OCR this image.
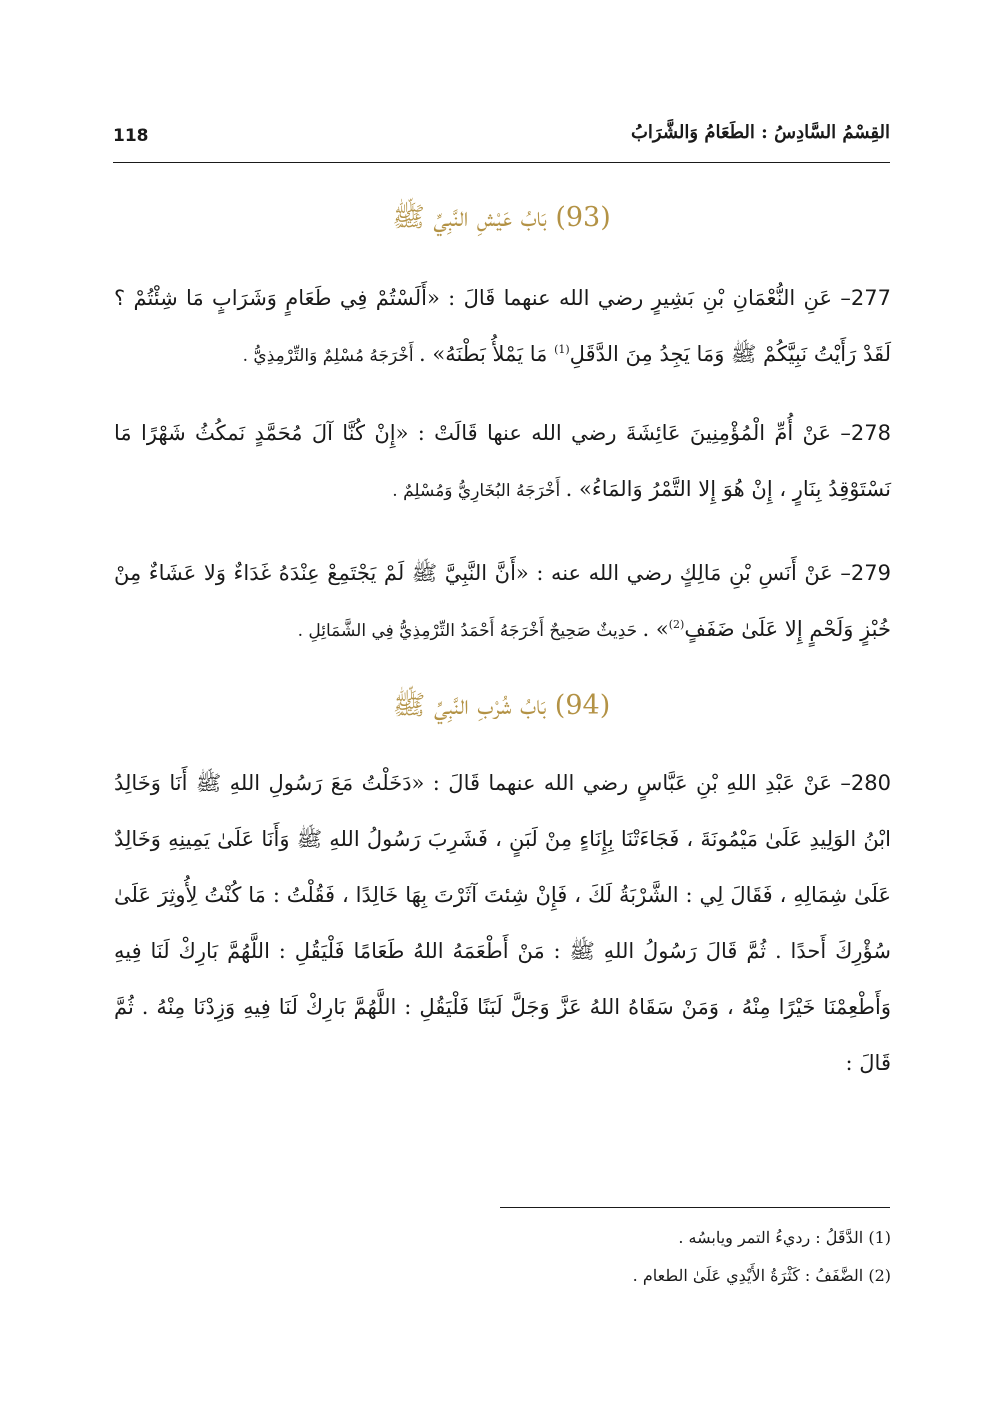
118	القِسْمُ السَّادِسُ : الطَعَامُ وَالشَّرَابُ
(93) بَابُ عَيْشِ النَّبِيِّ ﷺ
277– عَنِ النُّعْمَانِ بْنِ بَشِيرٍ رضي الله عنهما قَالَ : «أَلَسْتُمْ فِي طَعَامٍ وَشَرَابٍ مَا شِئْتُمْ ؟ لَقَدْ رَأَيْتُ نَبِيَّكُمْ ﷺ وَمَا يَجِدُ مِنَ الدَّقَلِ$^{(1)}$ مَا يَمْلأُ بَطْنَهُ» . أَخْرَجَهُ مُسْلِمٌ وَالتِّرْمِذِيُّ .
278– عَنْ أُمِّ الْمُؤْمِنِينَ عَائِشَةَ رضي الله عنها قَالَتْ : «إِنْ كُنَّا آلَ مُحَمَّدٍ نَمكُثُ شَهْرًا مَا نَسْتَوْقِدُ بِنَارٍ ، إِنْ هُوَ إِلا التَّمْرُ وَالمَاءُ» . أَخْرَجَهُ البُخَارِيُّ وَمُسْلِمٌ .
279– عَنْ أَنَسِ بْنِ مَالِكٍ رضي الله عنه : «أَنَّ النَّبِيَّ ﷺ لَمْ يَجْتَمِعْ عِنْدَهُ غَدَاءٌ وَلا عَشَاءٌ مِنْ خُبْزٍ وَلَحْمٍ إِلا عَلَىٰ ضَفَفٍ$^{(2)}$» . حَدِيثٌ صَحِيحٌ أَخْرَجَهُ أَحْمَدُ التِّرْمِذِيُّ فِي الشَّمَائِلِ .
(94) بَابُ شُرْبِ النَّبِيِّ ﷺ
280– عَنْ عَبْدِ اللهِ بْنِ عَبَّاسٍ رضي الله عنهما قَالَ : «دَخَلْتُ مَعَ رَسُولِ اللهِ ﷺ أَنَا وَخَالِدُ ابْنُ الوَلِيدِ عَلَىٰ مَيْمُونَةَ ، فَجَاءَتْنَا بِإِنَاءٍ مِنْ لَبَنٍ ، فَشَرِبَ رَسُولُ اللهِ ﷺ وَأَنَا عَلَىٰ يَمِينِهِ وَخَالِدٌ عَلَىٰ شِمَالِهِ ، فَقَالَ لِي : الشَّرْبَةُ لَكَ ، فَإِنْ شِئتَ آثَرْتَ بِهَا خَالِدًا ، فَقُلْتُ : مَا كُنْتُ لِأُوثِرَ عَلَىٰ سُؤْرِكَ أَحدًا . ثُمَّ قَالَ رَسُولُ اللهِ ﷺ : مَنْ أَطْعَمَهُ اللهُ طَعَامًا فَلْيَقُلِ : اللَّهُمَّ بَارِكْ لَنَا فِيهِ وَأَطْعِمْنَا خَيْرًا مِنْهُ ، وَمَنْ سَقَاهُ اللهُ عَزَّ وَجَلَّ لَبَنًا فَلْيَقُلِ : اللَّهُمَّ بَارِكْ لَنَا فِيهِ وَزِدْنَا مِنْهُ . ثُمَّ قَالَ :
(1) الدَّقَلُ : رديءُ التمر ويابسُه .
(2) الضَّفَفُ : كَثْرَةُ الأَيْدِي عَلَىٰ الطعام .
